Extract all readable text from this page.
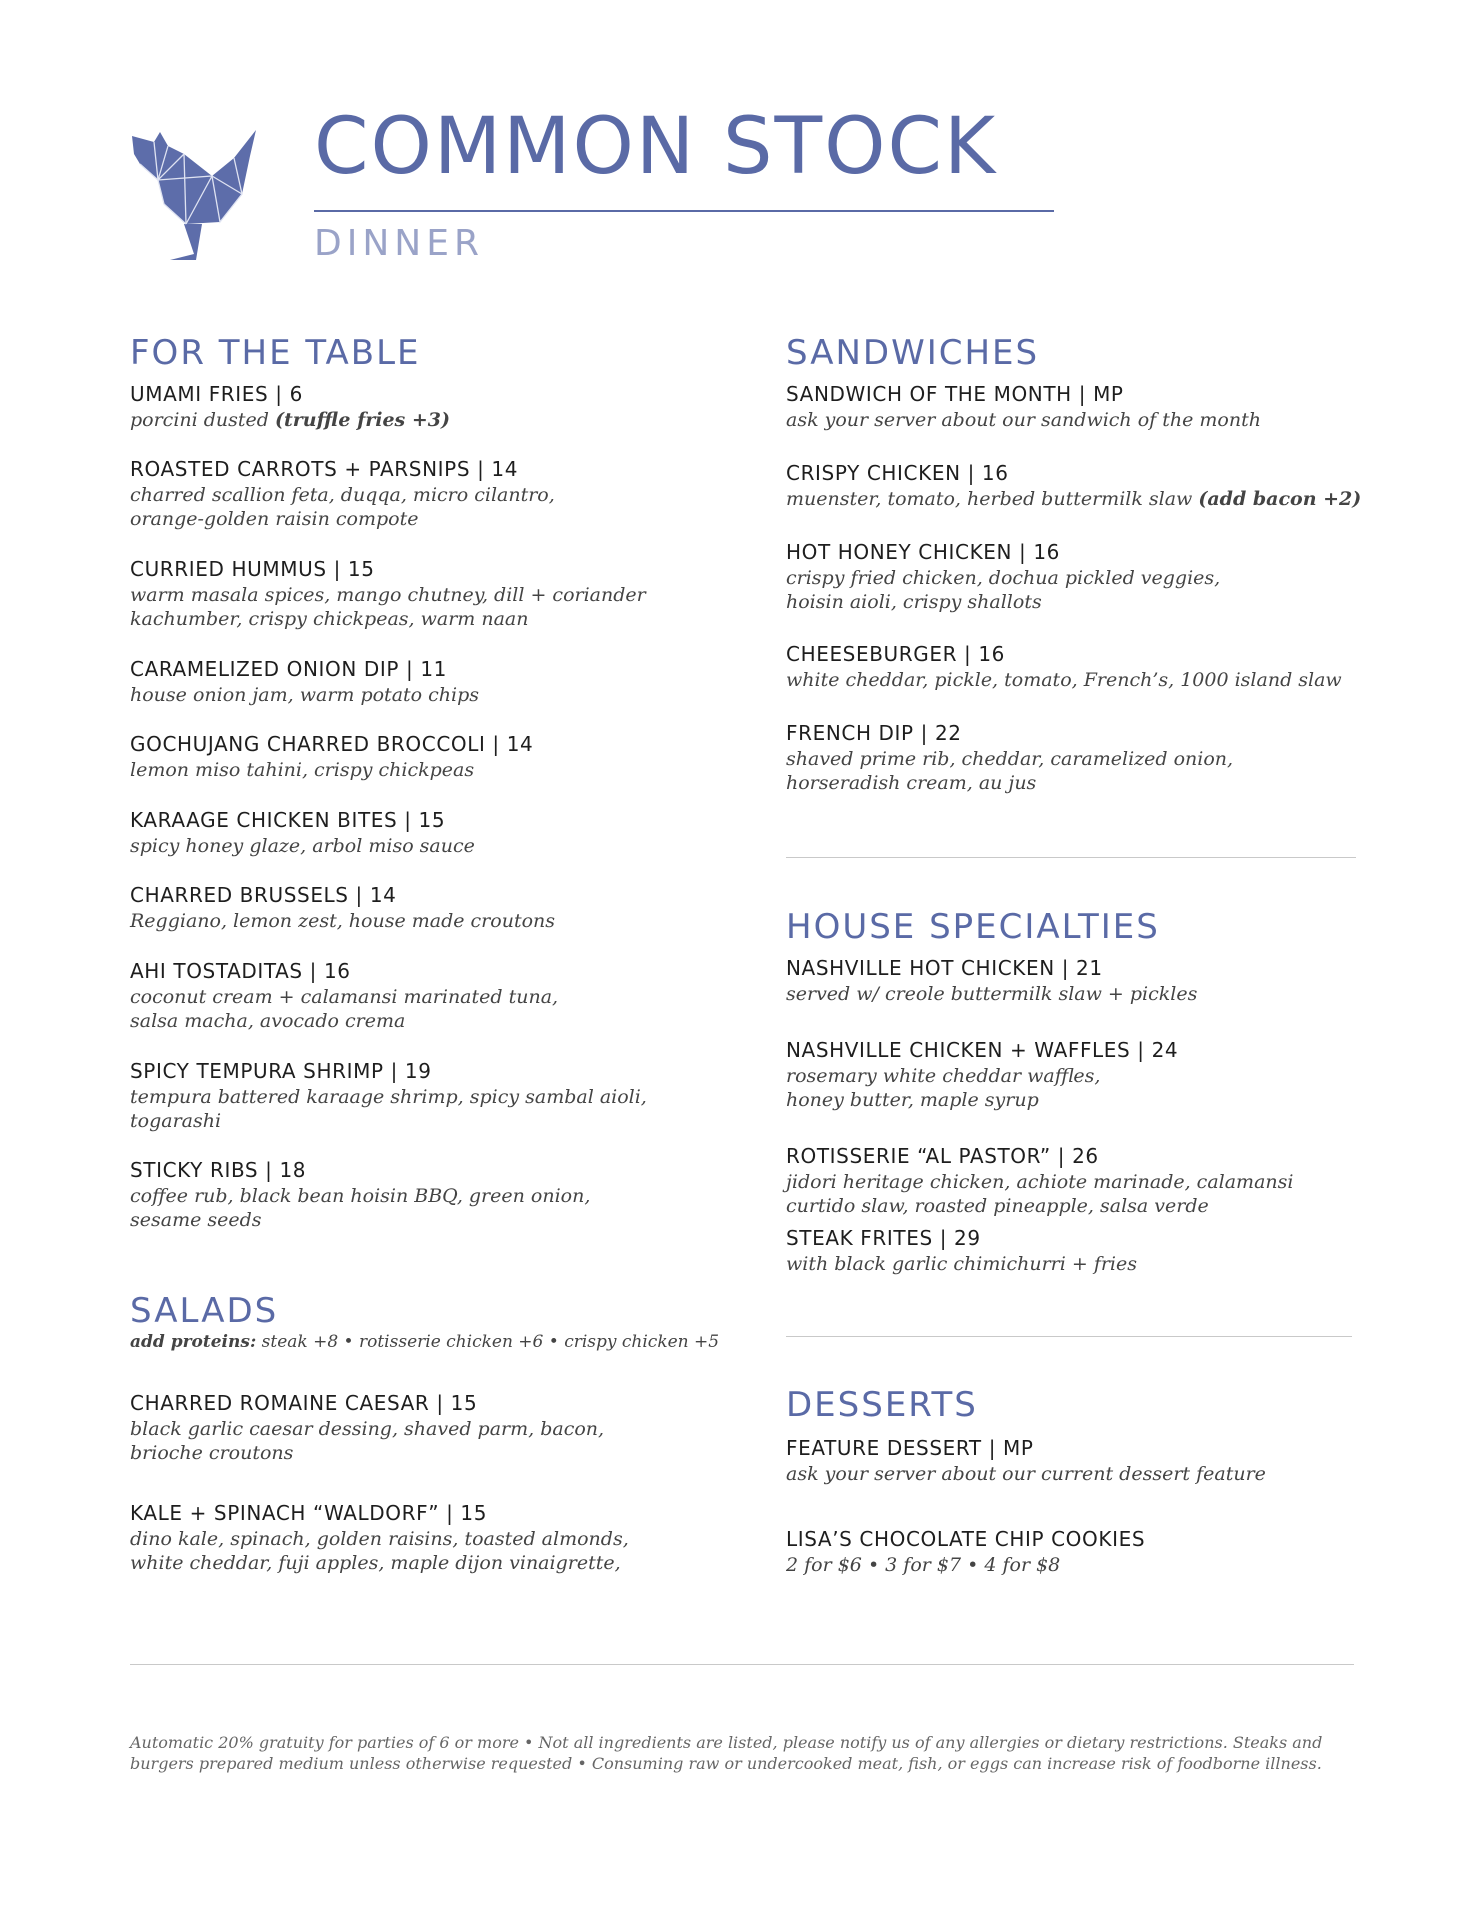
COMMON STOCK
DINNER
FOR THE TABLE
UMAMI FRIES | 6
porcini dusted (truffle fries +3)
ROASTED CARROTS + PARSNIPS | 14
charred scallion feta, duqqa, micro cilantro,
orange-golden raisin compote
CURRIED HUMMUS | 15
warm masala spices, mango chutney, dill + coriander
kachumber, crispy chickpeas, warm naan
CARAMELIZED ONION DIP | 11
house onion jam, warm potato chips
GOCHUJANG CHARRED BROCCOLI | 14
lemon miso tahini, crispy chickpeas
KARAAGE CHICKEN BITES | 15
spicy honey glaze, arbol miso sauce
CHARRED BRUSSELS | 14
Reggiano, lemon zest, house made croutons
AHI TOSTADITAS | 16
coconut cream + calamansi marinated tuna,
salsa macha, avocado crema
SPICY TEMPURA SHRIMP | 19
tempura battered karaage shrimp, spicy sambal aioli,
togarashi
STICKY RIBS | 18
coffee rub, black bean hoisin BBQ, green onion,
sesame seeds
SALADS
add proteins: steak +8 • rotisserie chicken +6 • crispy chicken +5
CHARRED ROMAINE CAESAR | 15
black garlic caesar dessing, shaved parm, bacon,
brioche croutons
KALE + SPINACH “WALDORF” | 15
dino kale, spinach, golden raisins, toasted almonds,
white cheddar, fuji apples, maple dijon vinaigrette,
SANDWICHES
SANDWICH OF THE MONTH | MP
ask your server about our sandwich of the month
CRISPY CHICKEN | 16
muenster, tomato, herbed buttermilk slaw (add bacon +2)
HOT HONEY CHICKEN | 16
crispy fried chicken, dochua pickled veggies,
hoisin aioli, crispy shallots
CHEESEBURGER | 16
white cheddar, pickle, tomato, French’s, 1000 island slaw
FRENCH DIP | 22
shaved prime rib, cheddar, caramelized onion,
horseradish cream, au jus
HOUSE SPECIALTIES
NASHVILLE HOT CHICKEN | 21
served w/ creole buttermilk slaw + pickles
NASHVILLE CHICKEN + WAFFLES | 24
rosemary white cheddar waffles,
honey butter, maple syrup
ROTISSERIE “AL PASTOR” | 26
jidori heritage chicken, achiote marinade, calamansi
curtido slaw, roasted pineapple, salsa verde
STEAK FRITES | 29
with black garlic chimichurri + fries
DESSERTS
FEATURE DESSERT | MP
ask your server about our current dessert feature
LISA’S CHOCOLATE CHIP COOKIES
2 for $6 • 3 for $7 • 4 for $8
Automatic 20% gratuity for parties of 6 or more • Not all ingredients are listed, please notify us of any allergies or dietary restrictions. Steaks and
burgers prepared medium unless otherwise requested • Consuming raw or undercooked meat, fish, or eggs can increase risk of foodborne illness.
